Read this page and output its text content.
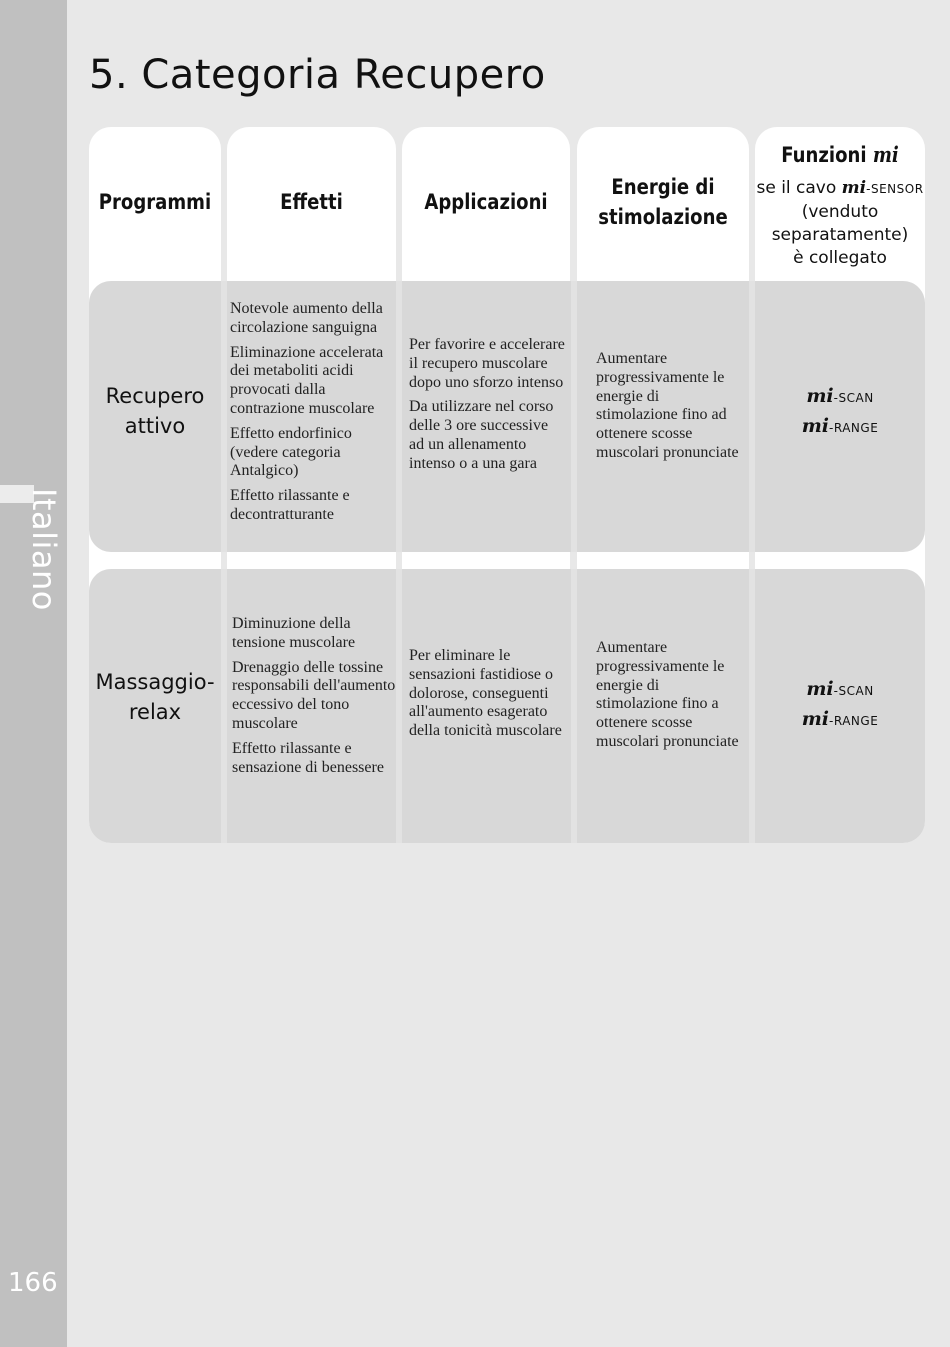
Italiano
166
5. Categoria Recupero
Programmi	Effetti	Applicazioni
Energie di
stimolazione
Funzioni mi
se il cavo mi-SENSOR
(venduto
separatamente)
è collegato
Recupero
attivo

Notevole aumento della circolazione sanguigna

Eliminazione accelerata dei metaboliti acidi provocati dalla contrazione muscolare

Effetto endorfinico (vedere categoria Antalgico)

Effetto rilassante e decontratturante

Per favorire e accelerare il recupero muscolare dopo uno sforzo intenso

Da utilizzare nel corso delle 3 ore successive ad un allenamento intenso o a una gara

Aumentare progressivamente le energie di stimolazione fino ad ottenere scosse muscolari pronunciate

mi-SCAN
mi-RANGE
Massaggio-
relax

Diminuzione della tensione muscolare

Drenaggio delle tossine responsabili dell'aumento eccessivo del tono muscolare

Effetto rilassante e sensazione di benessere

Per eliminare le sensazioni fastidiose o dolorose, conseguenti all'aumento esagerato della tonicità muscolare

Aumentare progressivamente le energie di stimolazione fino a ottenere scosse muscolari pronunciate

mi-SCAN
mi-RANGE
